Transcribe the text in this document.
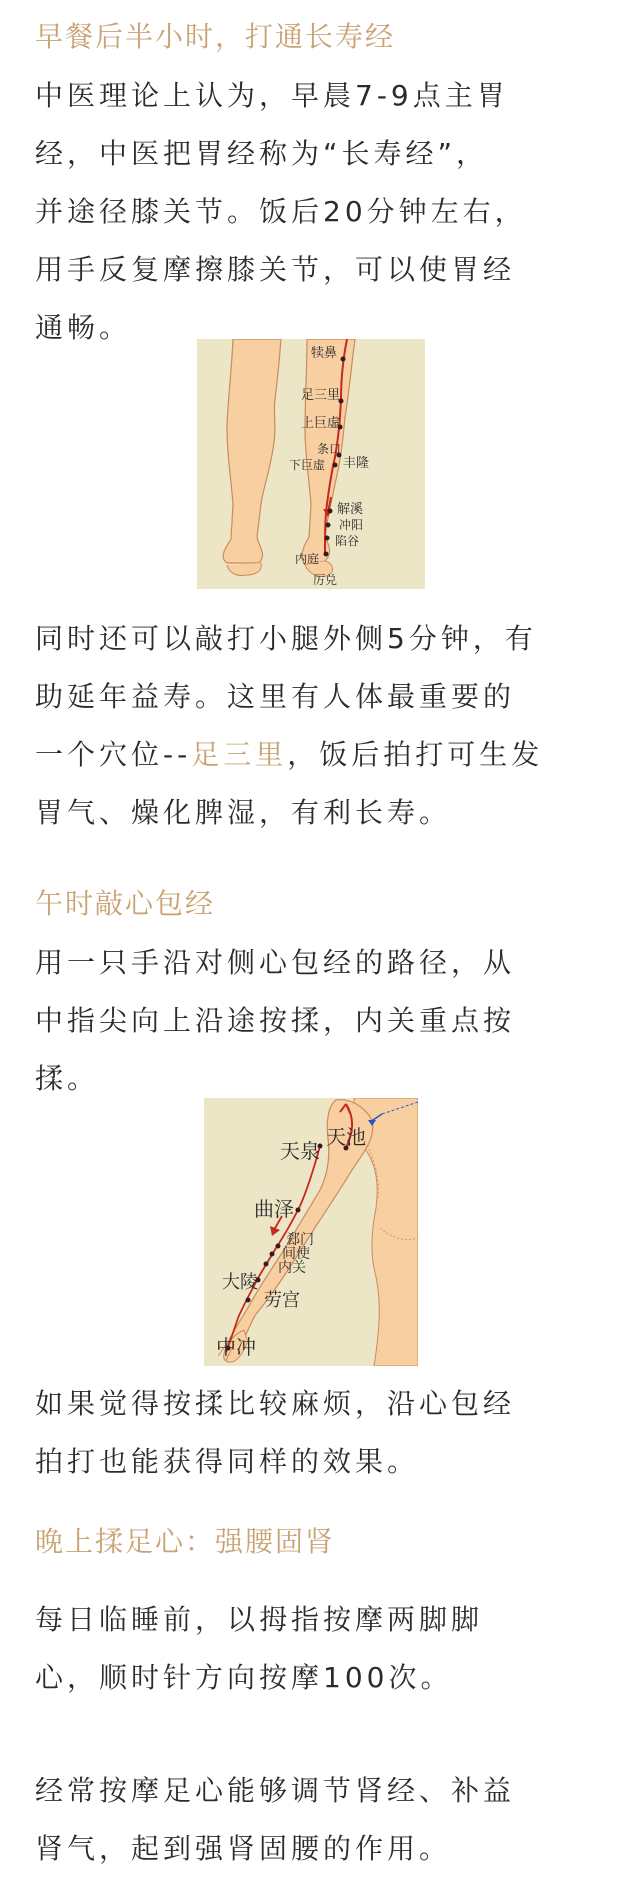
早餐后半小时，打通长寿经

中医理论上认为，早晨7-9点主胃

经，中医把胃经称为“长寿经”，

并途径膝关节。饭后20分钟左右，

用手反复摩擦膝关节，可以使胃经

通畅。

犊鼻
足三里
上巨虚
条口
下巨虚 丰隆
解溪
冲阳
陷谷
内庭
厉兑

同时还可以敲打小腿外侧5分钟，有

助延年益寿。这里有人体最重要的

一个穴位--足三里，饭后拍打可生发

胃气、燥化脾湿，有利长寿。

午时敲心包经

用一只手沿对侧心包经的路径，从

中指尖向上沿途按揉，内关重点按

揉。

天泉
天池
曲泽
郄门
间使
内关
大陵
劳宫
中冲

如果觉得按揉比较麻烦，沿心包经

拍打也能获得同样的效果。

晚上揉足心：强腰固肾

每日临睡前，以拇指按摩两脚脚

心，顺时针方向按摩100次。

经常按摩足心能够调节肾经、补益

肾气，起到强肾固腰的作用。
